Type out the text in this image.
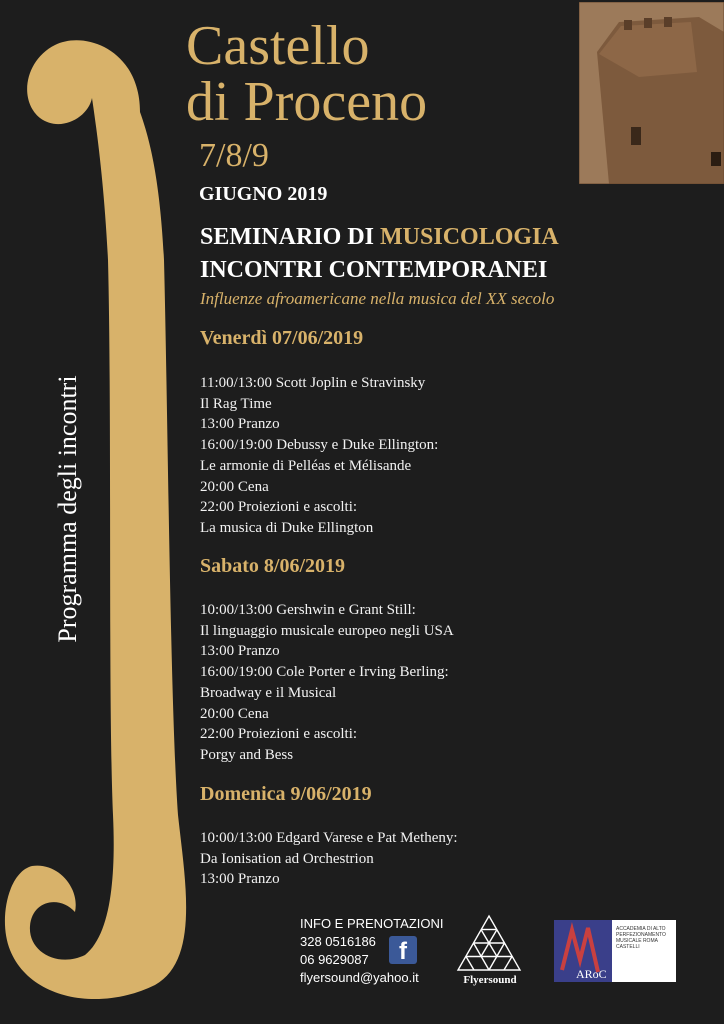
Programma degli incontri
Castello
di Proceno
7/8/9
GIUGNO 2019
SEMINARIO DI MUSICOLOGIA
INCONTRI CONTEMPORANEI
Influenze afroamericane nella musica del XX secolo
Venerdì 07/06/2019
11:00/13:00 Scott Joplin e Stravinsky
Il Rag Time
13:00 Pranzo
16:00/19:00 Debussy e Duke Ellington:
Le armonie di Pelléas et Mélisande
20:00 Cena
22:00 Proiezioni e ascolti:
La musica di Duke Ellington
Sabato 8/06/2019
10:00/13:00 Gershwin e Grant Still:
Il linguaggio musicale europeo negli USA
13:00 Pranzo
16:00/19:00 Cole Porter e Irving Berling:
Broadway e il Musical
20:00 Cena
22:00 Proiezioni e ascolti:
Porgy and Bess
Domenica 9/06/2019
10:00/13:00 Edgard Varese e Pat Metheny:
Da Ionisation ad Orchestrion
13:00 Pranzo
INFO E PRENOTAZIONI
328 0516186
06 9629087
flyersound@yahoo.it
f
Flyersound	ARoC
ACCADEMIA DI ALTO PERFEZIONAMENTO MUSICALE ROMA CASTELLI
